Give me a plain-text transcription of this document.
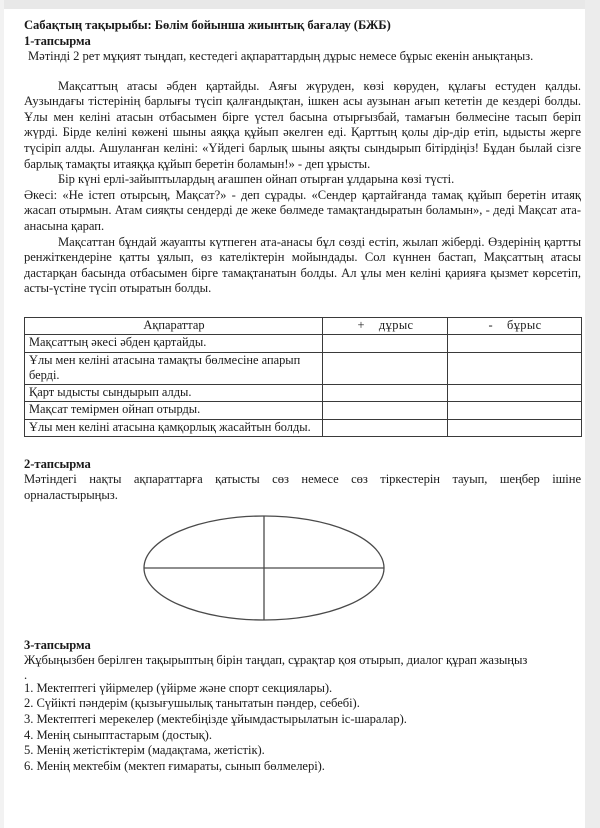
Сабақтың тақырыбы: Бөлім бойынша жиынтық бағалау (БЖБ)
1-тапсырма

Мәтінді 2 рет мұқият тыңдап, кестедегі ақпараттардың дұрыс немесе бұрыс екенін анықтаңыз.

Мақсаттың атасы әбден қартайды. Аяғы жүруден, көзі көруден, құлағы естуден қалды. Аузындағы тістерінің барлығы түсіп қалғандықтан, ішкен асы аузынан ағып кететін де кездері болды. Ұлы мен келіні атасын отбасымен бірге үстел басына отырғызбай, тамағын бөлмесіне тасып беріп жүрді. Бірде келіні көжені шыны аяққа құйып әкелген еді. Қарттың қолы дір-дір етіп, ыдысты жерге түсіріп алды. Ашуланған келіні: «Үйдегі барлық шыны аяқты сындырып бітірдіңіз! Бұдан былай сізге барлық тамақты итаяққа құйып беретін боламын!» - деп ұрысты.

Бір күні ерлі-зайыптылардың ағашпен ойнап отырған ұлдарына көзі түсті.

Әкесі: «Не істеп отырсың, Мақсат?» - деп сұрады. «Сендер қартайғанда тамақ құйып беретін итаяқ жасап отырмын. Атам сияқты сендерді де жеке бөлмеде тамақтандыратын боламын», - деді Мақсат ата-анасына қарап.

Мақсаттан бұндай жауапты күтпеген ата-анасы бұл сөзді естіп, жылап жіберді. Өздерінің қартты ренжіткендеріне қатты ұялып, өз кателіктерін мойындады. Сол күннен бастап, Мақсаттың атасы дастарқан басында отбасымен бірге тамақтанатын болды. Ал ұлы мен келіні қарияға қызмет көрсетіп, асты-үстіне түсіп отыратын болды.

Ақпараттар	+ дұрыс	- бұрыс

Мақсаттың әкесі әбден қартайды.		
Ұлы мен келіні атасына тамақты бөлмесіне апарып берді.		
Қарт ыдысты сындырып алды.		
Мақсат темірмен ойнап отырды.		
Ұлы мен келіні атасына қамқорлық жасайтын болды.		
2-тапсырма

Мәтіндегі нақты ақпараттарға қатысты сөз немесе сөз тіркестерін тауып, шеңбер ішіне орналастырыңыз.

3-тапсырма

Жұбыңызбен берілген тақырыптың бірін таңдап, сұрақтар қоя отырып, диалог құрап жазыңыз

.

1. Мектептегі үйірмелер (үйірме және спорт секциялары).

2. Сүйікті пәндерім (қызығушылық танытатын пәндер, себебі).

3. Мектептегі мерекелер (мектебіңізде ұйымдастырылатын іс-шаралар).

4. Менің сыныптастарым (достық).

5. Менің жетістіктерім (мадақтама, жетістік).

6. Менің мектебім (мектеп ғимараты, сынып бөлмелері).
